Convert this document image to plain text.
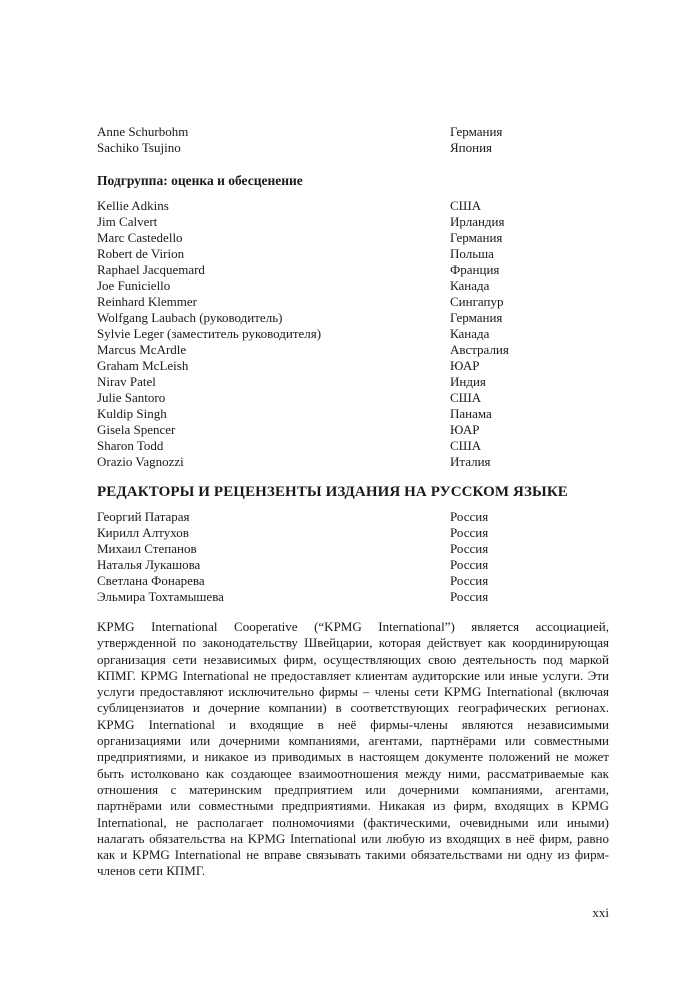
Anne Schurbohm	Германия
Sachiko Tsujino	Япония
Подгруппа: оценка и обесценение
Kellie Adkins	США
Jim Calvert	Ирландия
Marc Castedello	Германия
Robert de Virion	Польша
Raphael Jacquemard	Франция
Joe Funiciello	Канада
Reinhard Klemmer	Сингапур
Wolfgang Laubach (руководитель)	Германия
Sylvie Leger (заместитель руководителя)	Канада
Marcus McArdle	Австралия
Graham McLeish	ЮАР
Nirav Patel	Индия
Julie Santoro	США
Kuldip Singh	Панама
Gisela Spencer	ЮАР
Sharon Todd	США
Orazio Vagnozzi	Италия
РЕДАКТОРЫ И РЕЦЕНЗЕНТЫ ИЗДАНИЯ НА РУССКОМ ЯЗЫКЕ
Георгий Патарая	Россия
Кирилл Алтухов	Россия
Михаил Степанов	Россия
Наталья Лукашова	Россия
Светлана Фонарева	Россия
Эльмира Тохтамышева	Россия

KPMG International Cooperative (“KPMG International”) является ассоциацией, утвержденной по законодательству Швейцарии, которая действует как координирующая организация сети независимых фирм, осуществляющих свою деятельность под маркой КПМГ. KPMG International не предоставляет клиентам аудиторские или иные услуги. Эти услуги предоставляют исключительно фирмы – члены сети KPMG International (включая сублицензиатов и дочерние компании) в соответствующих географических регионах. KPMG International и входящие в неё фирмы-члены являются независимыми организациями или дочерними компаниями, агентами, партнёрами или совместными предприятиями, и никакое из приводимых в настоящем документе положений не может быть истолковано как создающее взаимоотношения между ними, рассматриваемые как отношения с материнским предприятием или дочерними компаниями, агентами, партнёрами или совместными предприятиями. Никакая из фирм, входящих в KPMG International, не располагает полномочиями (фактическими, очевидными или иными) налагать обязательства на KPMG International или любую из входящих в неё фирм, равно как и KPMG International не вправе связывать такими обязательствами ни одну из фирм-членов сети КПМГ.

xxi
